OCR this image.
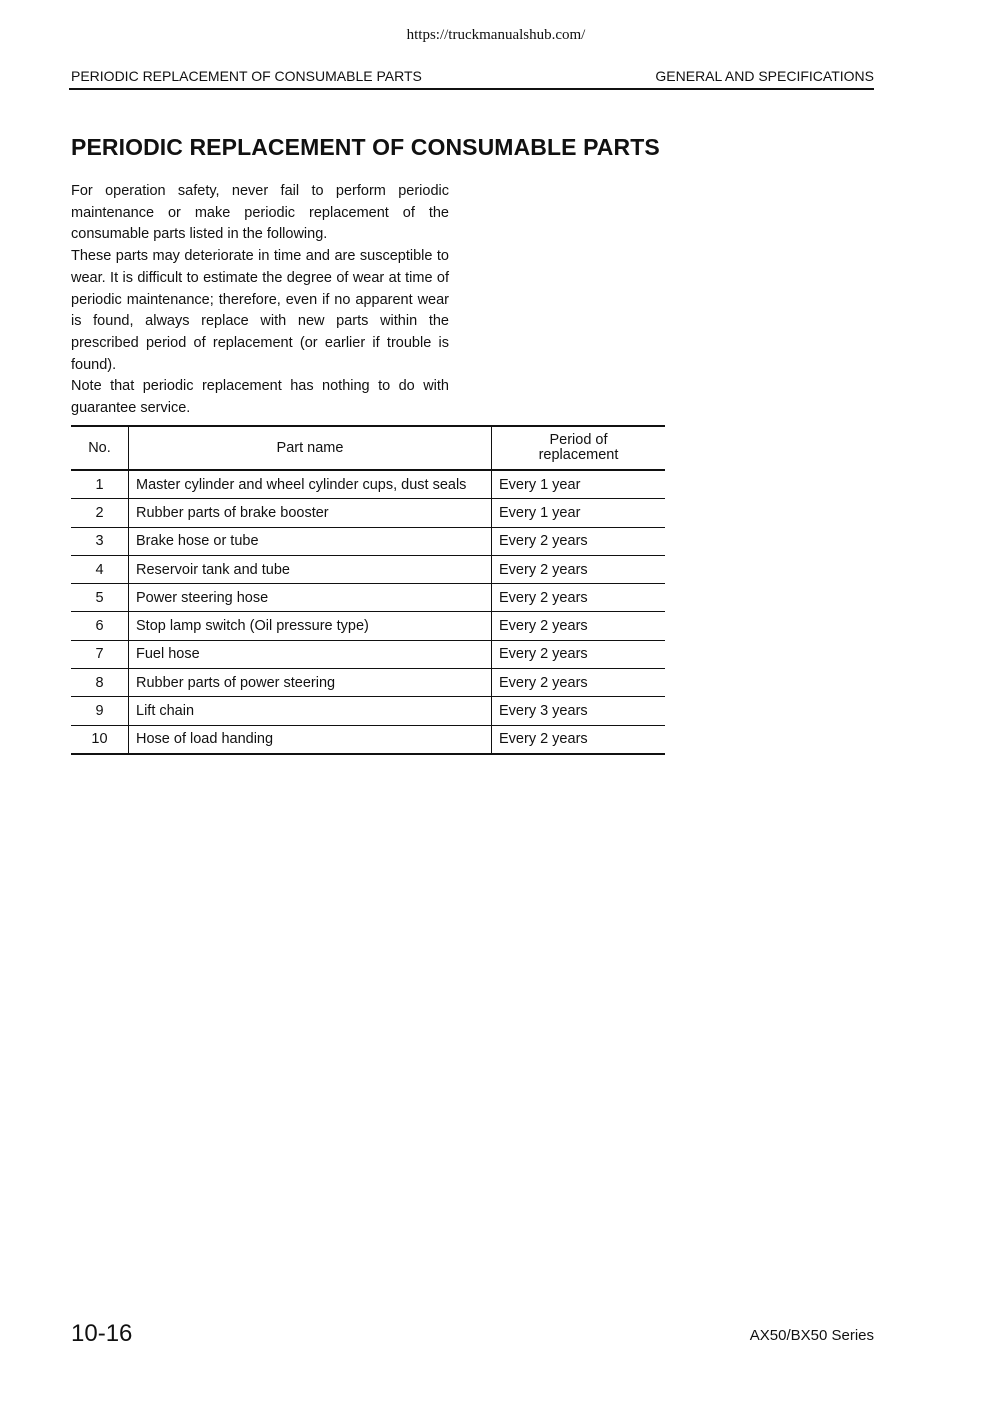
https://truckmanualshub.com/
PERIODIC REPLACEMENT OF CONSUMABLE PARTS	GENERAL AND SPECIFICATIONS
PERIODIC REPLACEMENT OF CONSUMABLE PARTS

For operation safety, never fail to perform periodic maintenance or make periodic replacement of the consumable parts listed in the following.

These parts may deteriorate in time and are susceptible to wear. It is difficult to estimate the degree of wear at time of periodic maintenance; therefore, even if no apparent wear is found, always replace with new parts within the prescribed period of replacement (or earlier if trouble is found).

Note that periodic replacement has nothing to do with guarantee service.

No.	Part name	Period of
replacement
1	Master cylinder and wheel cylinder cups, dust seals	Every 1 year
2	Rubber parts of brake booster	Every 1 year
3	Brake hose or tube	Every 2 years
4	Reservoir tank and tube	Every 2 years
5	Power steering hose	Every 2 years
6	Stop lamp switch (Oil pressure type)	Every 2 years
7	Fuel hose	Every 2 years
8	Rubber parts of power steering	Every 2 years
9	Lift chain	Every 3 years
10	Hose of load handing	Every 2 years
10-16	AX50/BX50 Series
